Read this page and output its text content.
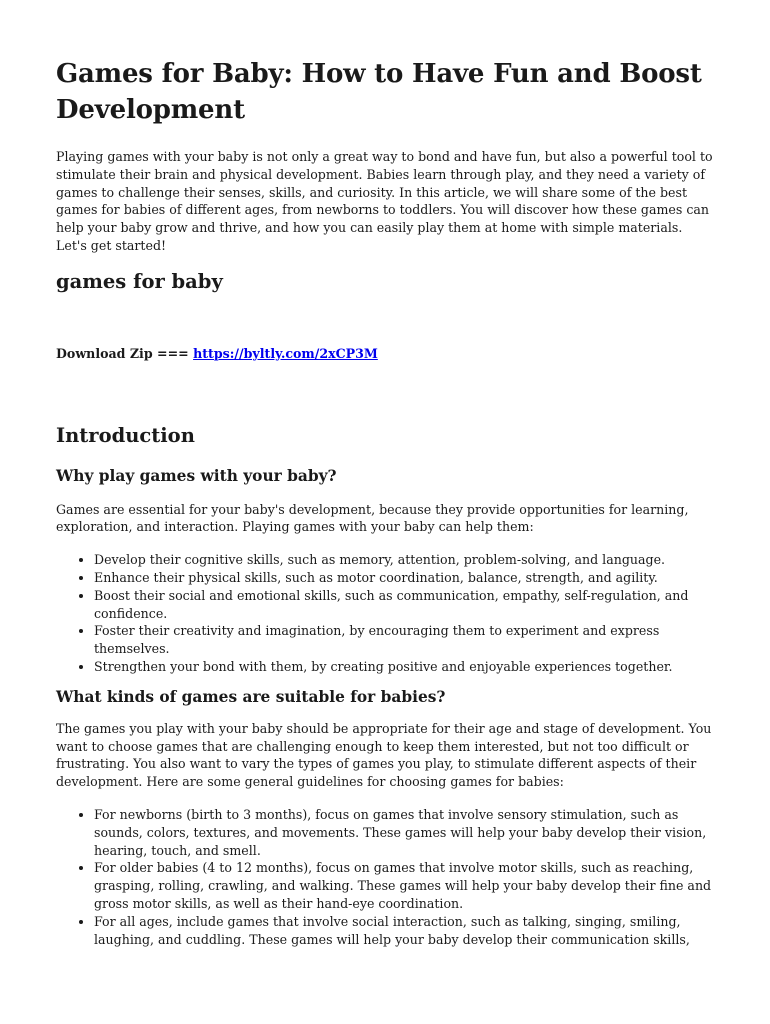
Games for Baby: How to Have Fun and Boost Development

Playing games with your baby is not only a great way to bond and have fun, but also a powerful tool to stimulate their brain and physical development. Babies learn through play, and they need a variety of games to challenge their senses, skills, and curiosity. In this article, we will share some of the best games for babies of different ages, from newborns to toddlers. You will discover how these games can help your baby grow and thrive, and how you can easily play them at home with simple materials. Let's get started!

games for baby

Download Zip === https://byltly.com/2xCP3M

Introduction
Why play games with your baby?

Games are essential for your baby's development, because they provide opportunities for learning, exploration, and interaction. Playing games with your baby can help them:

• Develop their cognitive skills, such as memory, attention, problem-solving, and language.
• Enhance their physical skills, such as motor coordination, balance, strength, and agility.
• Boost their social and emotional skills, such as communication, empathy, self-regulation, and confidence.
• Foster their creativity and imagination, by encouraging them to experiment and express themselves.
• Strengthen your bond with them, by creating positive and enjoyable experiences together.
What kinds of games are suitable for babies?

The games you play with your baby should be appropriate for their age and stage of development. You want to choose games that are challenging enough to keep them interested, but not too difficult or frustrating. You also want to vary the types of games you play, to stimulate different aspects of their development. Here are some general guidelines for choosing games for babies:

• For newborns (birth to 3 months), focus on games that involve sensory stimulation, such as sounds, colors, textures, and movements. These games will help your baby develop their vision, hearing, touch, and smell.
• For older babies (4 to 12 months), focus on games that involve motor skills, such as reaching, grasping, rolling, crawling, and walking. These games will help your baby develop their fine and gross motor skills, as well as their hand-eye coordination.
• For all ages, include games that involve social interaction, such as talking, singing, smiling, laughing, and cuddling. These games will help your baby develop their communication skills,
